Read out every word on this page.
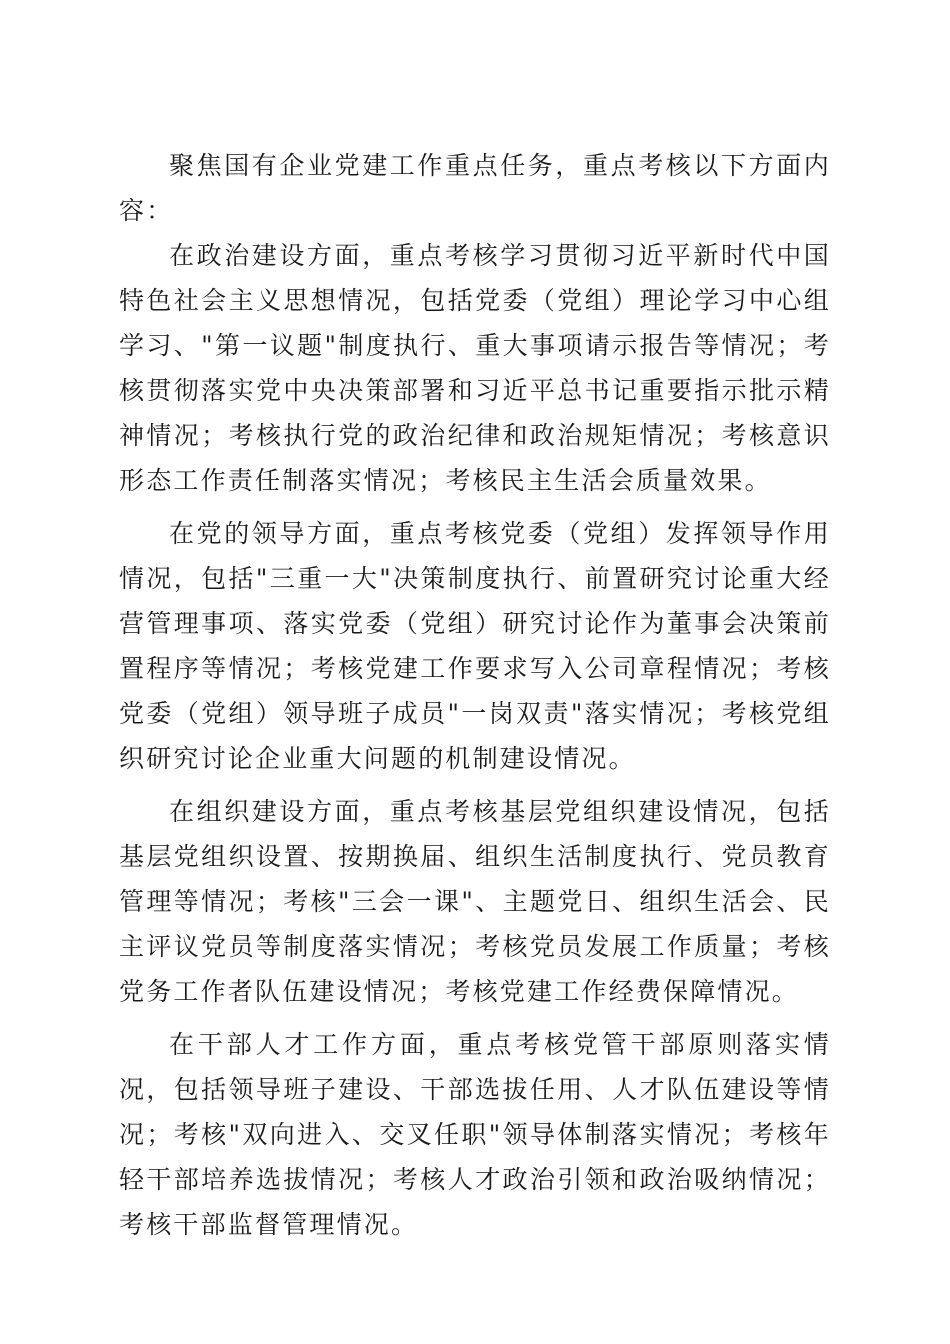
聚焦国有企业党建工作重点任务，重点考核以下方面内容：

在政治建设方面，重点考核学习贯彻习近平新时代中国特色社会主义思想情况，包括党委（党组）理论学习中心组学习、"第一议题"制度执行、重大事项请示报告等情况；考核贯彻落实党中央决策部署和习近平总书记重要指示批示精神情况；考核执行党的政治纪律和政治规矩情况；考核意识形态工作责任制落实情况；考核民主生活会质量效果。

在党的领导方面，重点考核党委（党组）发挥领导作用情况，包括"三重一大"决策制度执行、前置研究讨论重大经营管理事项、落实党委（党组）研究讨论作为董事会决策前置程序等情况；考核党建工作要求写入公司章程情况；考核党委（党组）领导班子成员"一岗双责"落实情况；考核党组织研究讨论企业重大问题的机制建设情况。

在组织建设方面，重点考核基层党组织建设情况，包括基层党组织设置、按期换届、组织生活制度执行、党员教育管理等情况；考核"三会一课"、主题党日、组织生活会、民主评议党员等制度落实情况；考核党员发展工作质量；考核党务工作者队伍建设情况；考核党建工作经费保障情况。

在干部人才工作方面，重点考核党管干部原则落实情况，包括领导班子建设、干部选拔任用、人才队伍建设等情况；考核"双向进入、交叉任职"领导体制落实情况；考核年轻干部培养选拔情况；考核人才政治引领和政治吸纳情况；考核干部监督管理情况。
